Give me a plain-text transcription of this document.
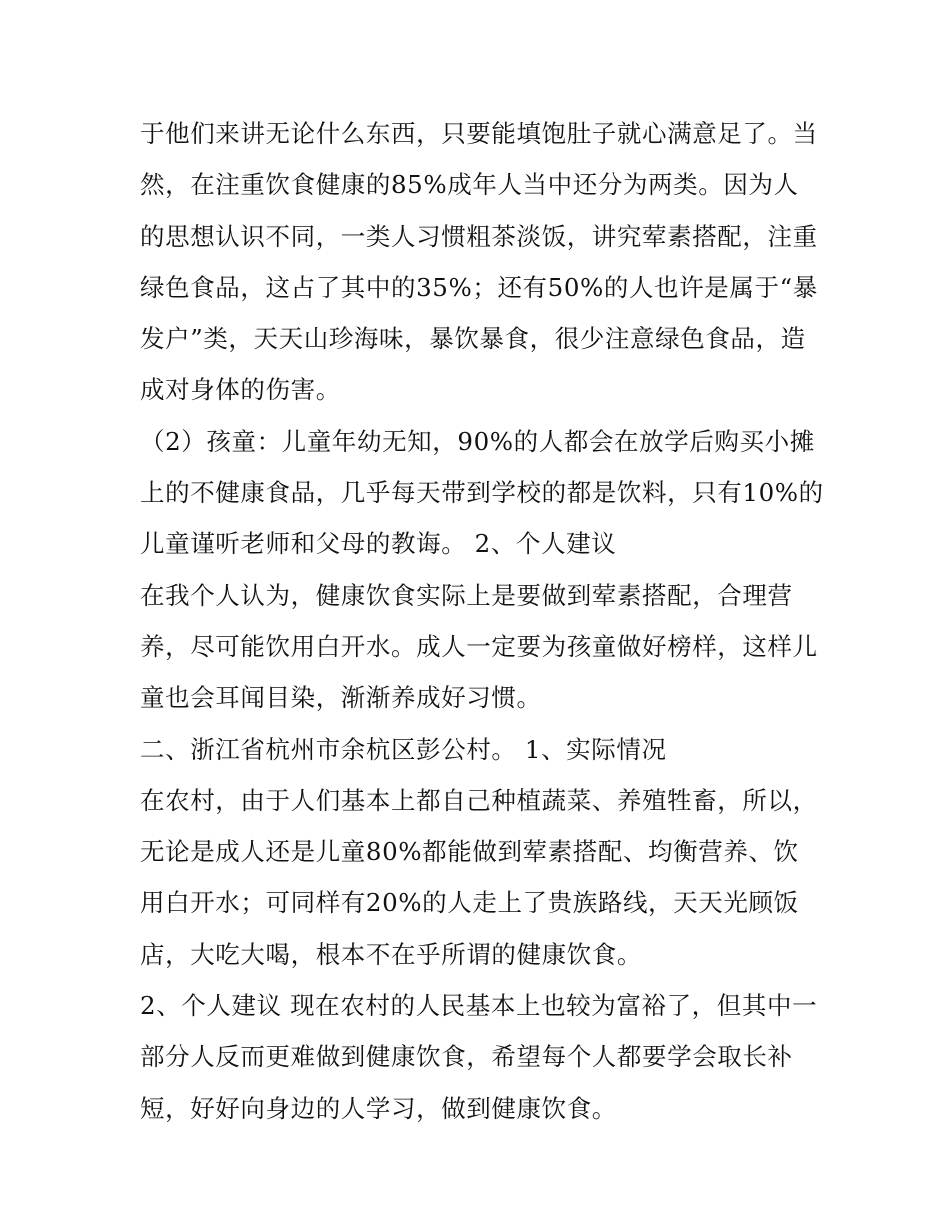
于他们来讲无论什么东西，只要能填饱肚子就心满意足了。当
然，在注重饮食健康的85%成年人当中还分为两类。因为人
的思想认识不同，一类人习惯粗茶淡饭，讲究荤素搭配，注重
绿色食品，这占了其中的35%；还有50%的人也许是属于“暴
发户”类，天天山珍海味，暴饮暴食，很少注意绿色食品，造
成对身体的伤害。
（2）孩童：儿童年幼无知，90%的人都会在放学后购买小摊
上的不健康食品，几乎每天带到学校的都是饮料，只有10%的
儿童谨听老师和父母的教诲。 2、个人建议
在我个人认为，健康饮食实际上是要做到荤素搭配，合理营
养，尽可能饮用白开水。成人一定要为孩童做好榜样，这样儿
童也会耳闻目染，渐渐养成好习惯。
二、浙江省杭州市余杭区彭公村。 1、实际情况
在农村，由于人们基本上都自己种植蔬菜、养殖牲畜，所以，
无论是成人还是儿童80%都能做到荤素搭配、均衡营养、饮
用白开水；可同样有20%的人走上了贵族路线，天天光顾饭
店，大吃大喝，根本不在乎所谓的健康饮食。
2、个人建议 现在农村的人民基本上也较为富裕了，但其中一
部分人反而更难做到健康饮食，希望每个人都要学会取长补
短，好好向身边的人学习，做到健康饮食。
